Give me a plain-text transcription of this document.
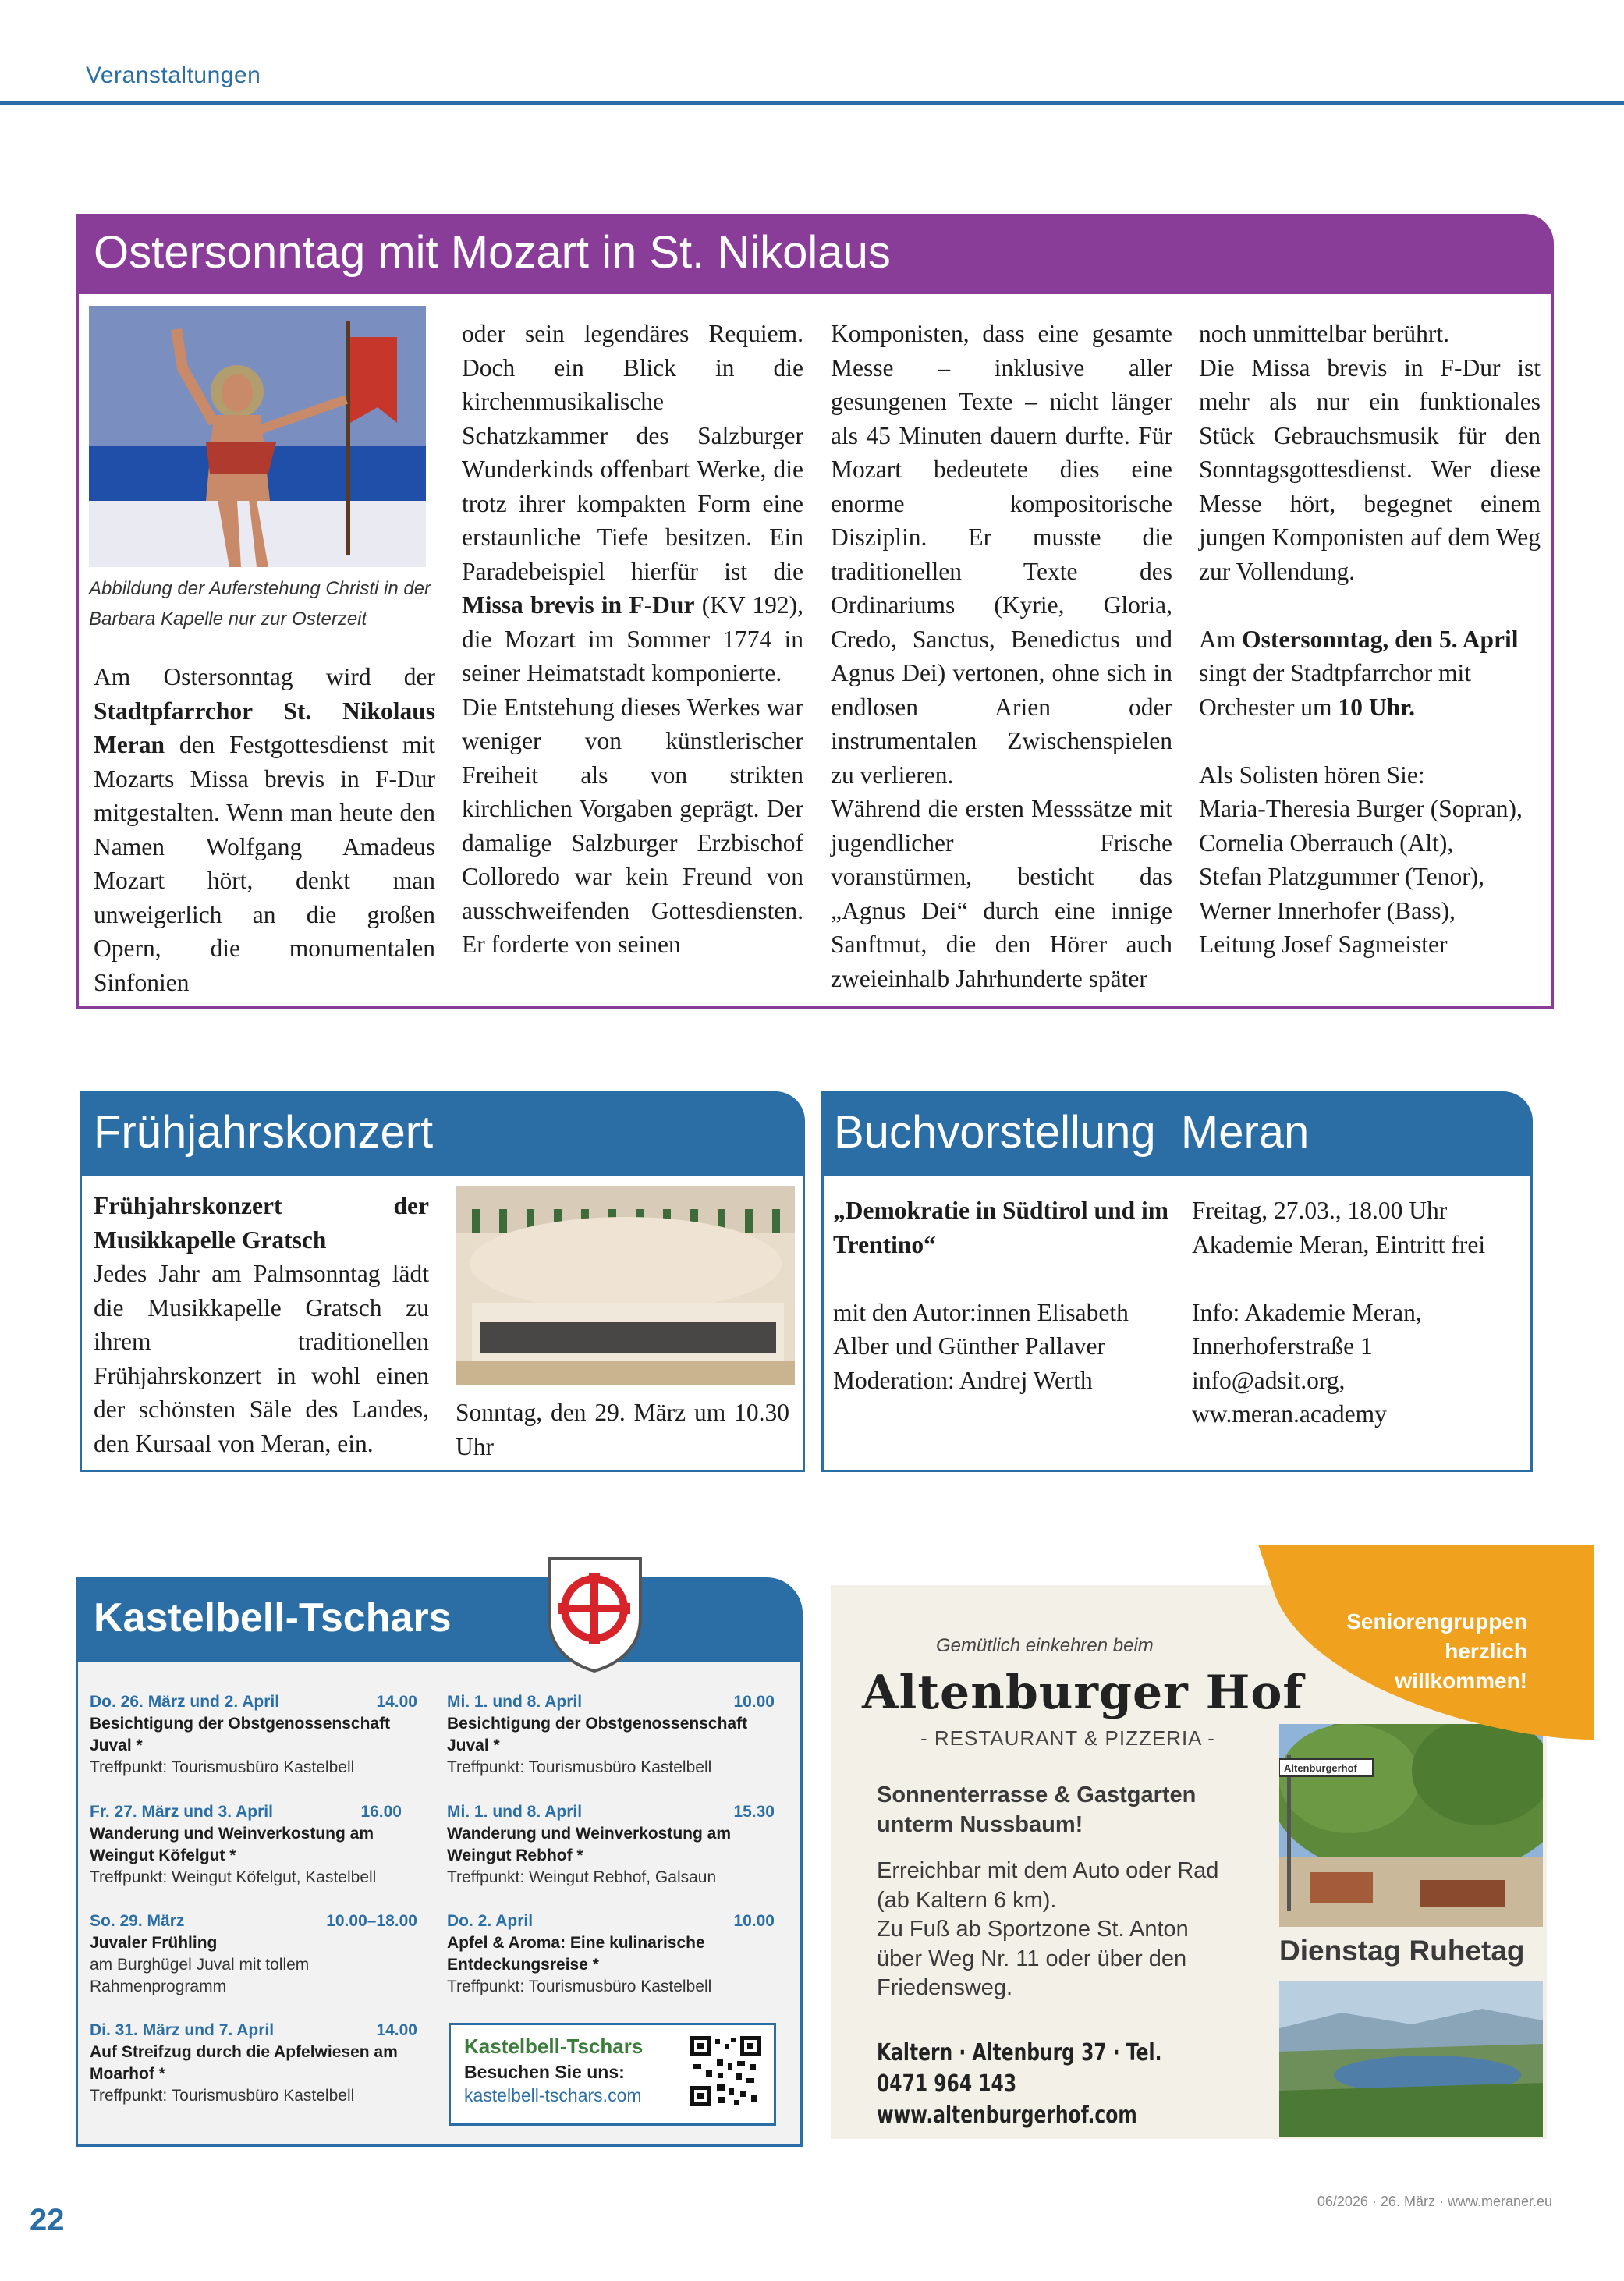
Veranstaltungen
Ostersonntag mit Mozart in St. Nikolaus
Abbildung der Auferstehung Christi in der Barbara Kapelle nur zur Osterzeit

Am Ostersonntag wird der Stadtpfarrchor St. Nikolaus Meran den Festgottesdienst mit Mozarts Missa brevis in F-Dur mitgestalten. Wenn man heute den Namen Wolfgang Amadeus Mozart hört, denkt man unweigerlich an die großen Opern, die monumentalen Sinfonien

oder sein legendäres Requiem. Doch ein Blick in die kirchenmusikalische Schatzkammer des Salzburger Wunderkinds offenbart Werke, die trotz ihrer kompakten Form eine erstaunliche Tiefe besitzen. Ein Paradebeispiel hierfür ist die Missa brevis in F-Dur (KV 192), die Mozart im Sommer 1774 in seiner Heimatstadt komponierte.

Die Entstehung dieses Werkes war weniger von künstlerischer Freiheit als von strikten kirchlichen Vorgaben geprägt. Der damalige Salzburger Erzbischof Colloredo war kein Freund von ausschweifenden Gottesdiensten. Er forderte von seinen

Komponisten, dass eine gesamte Messe – inklusive aller gesungenen Texte – nicht länger als 45 Minuten dauern durfte. Für Mozart bedeutete dies eine enorme kompositorische Disziplin. Er musste die traditionellen Texte des Ordinariums (Kyrie, Gloria, Credo, Sanctus, Benedictus und Agnus Dei) vertonen, ohne sich in endlosen Arien oder instrumentalen Zwischenspielen zu verlieren.

Während die ersten Messsätze mit jugendlicher Frische voranstürmen, besticht das „Agnus Dei“ durch eine innige Sanftmut, die den Hörer auch zweieinhalb Jahrhunderte später

noch unmittelbar berührt.

Die Missa brevis in F-Dur ist mehr als nur ein funktionales Stück Gebrauchsmusik für den Sonntagsgottesdienst. Wer diese Messe hört, begegnet einem jungen Komponisten auf dem Weg zur Vollendung.

Am Ostersonntag, den 5. April singt der Stadtpfarrchor mit Orchester um 10 Uhr.

Als Solisten hören Sie:

Maria-Theresia Burger (Sopran),

Cornelia Oberrauch (Alt),

Stefan Platzgummer (Tenor),

Werner Innerhofer (Bass),

Leitung Josef Sagmeister

Frühjahrskonzert

Frühjahrskonzert der Musikkapelle Gratsch

Jedes Jahr am Palmsonntag lädt die Musikkapelle Gratsch zu ihrem traditionellen Frühjahrskonzert in wohl einen der schönsten Säle des Landes, den Kursaal von Meran, ein.

Sonntag, den 29. März um 10.30 Uhr
Buchvorstellung  Meran

„Demokratie in Südtirol und im Trentino“

mit den Autor:innen Elisabeth Alber und Günther Pallaver

Moderation: Andrej Werth

Freitag, 27.03., 18.00 Uhr

Akademie Meran, Eintritt frei

Info: Akademie Meran,

Innerhoferstraße 1

info@adsit.org,

ww.meran.academy

Kastelbell-Tschars
Do. 26. März und 2. April	14.00
Besichtigung der Obstgenossenschaft Juval *
Treffpunkt: Tourismusbüro Kastelbell
Fr. 27. März und 3. April	16.00
Wanderung und Weinverkostung am Weingut Köfelgut *
Treffpunkt: Weingut Köfelgut, Kastelbell
So. 29. März	10.00–18.00
Juvaler Frühling
am Burghügel Juval mit tollem Rahmenprogramm
Di. 31. März und 7. April	14.00
Auf Streifzug durch die Apfelwiesen am Moarhof *
Treffpunkt: Tourismusbüro Kastelbell
Mi. 1. und 8. April	10.00
Besichtigung der Obstgenossenschaft Juval *
Treffpunkt: Tourismusbüro Kastelbell
Mi. 1. und 8. April	15.30
Wanderung und Weinverkostung am Weingut Rebhof *
Treffpunkt: Weingut Rebhof, Galsaun
Do. 2. April	10.00
Apfel & Aroma: Eine kulinarische Entdeckungsreise *
Treffpunkt: Tourismusbüro Kastelbell
Kastelbell-Tschars
Besuchen Sie uns:
kastelbell-tschars.com
Gemütlich einkehren beim
Altenburger Hof
- RESTAURANT & PIZZERIA -
Sonnenterrasse & Gastgarten
unterm Nussbaum!
Erreichbar mit dem Auto oder Rad
(ab Kaltern 6 km).
Zu Fuß ab Sportzone St. Anton
über Weg Nr. 11 oder über den
Friedensweg.
Kaltern · Altenburg 37 · Tel. 0471 964 143
www.altenburgerhof.com
Altenburgerhof
Seniorengruppen
herzlich
willkommen!
Dienstag Ruhetag
22
06/2026 · 26. März · www.meraner.eu
